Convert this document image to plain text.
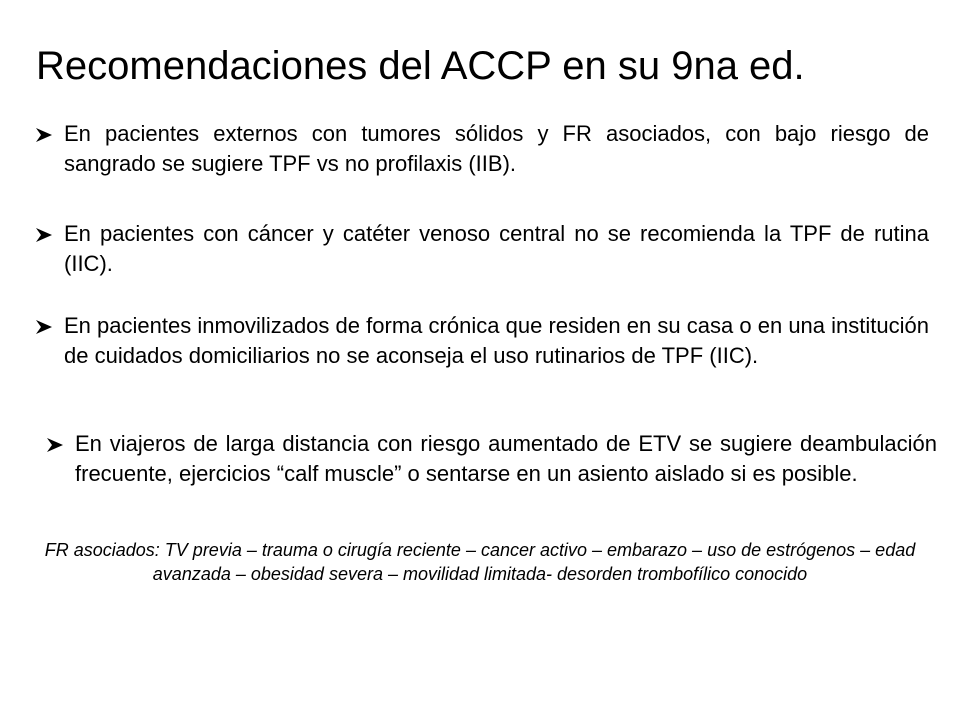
Recomendaciones del ACCP en su 9na ed.
En pacientes externos con tumores sólidos y FR asociados, con bajo riesgo de sangrado se sugiere TPF vs no profilaxis (IIB).
En pacientes con cáncer y catéter venoso central no se recomienda la TPF de rutina (IIC).
En pacientes inmovilizados de forma crónica que residen en su casa o en una institución de cuidados domiciliarios no se aconseja el uso rutinarios de TPF (IIC).
En viajeros de larga distancia con riesgo aumentado de ETV se sugiere deambulación frecuente, ejercicios “calf muscle” o sentarse en un asiento aislado si es posible.
FR asociados: TV previa – trauma o cirugía reciente – cancer activo – embarazo – uso de estrógenos – edad avanzada – obesidad severa – movilidad limitada- desorden trombofílico conocido
